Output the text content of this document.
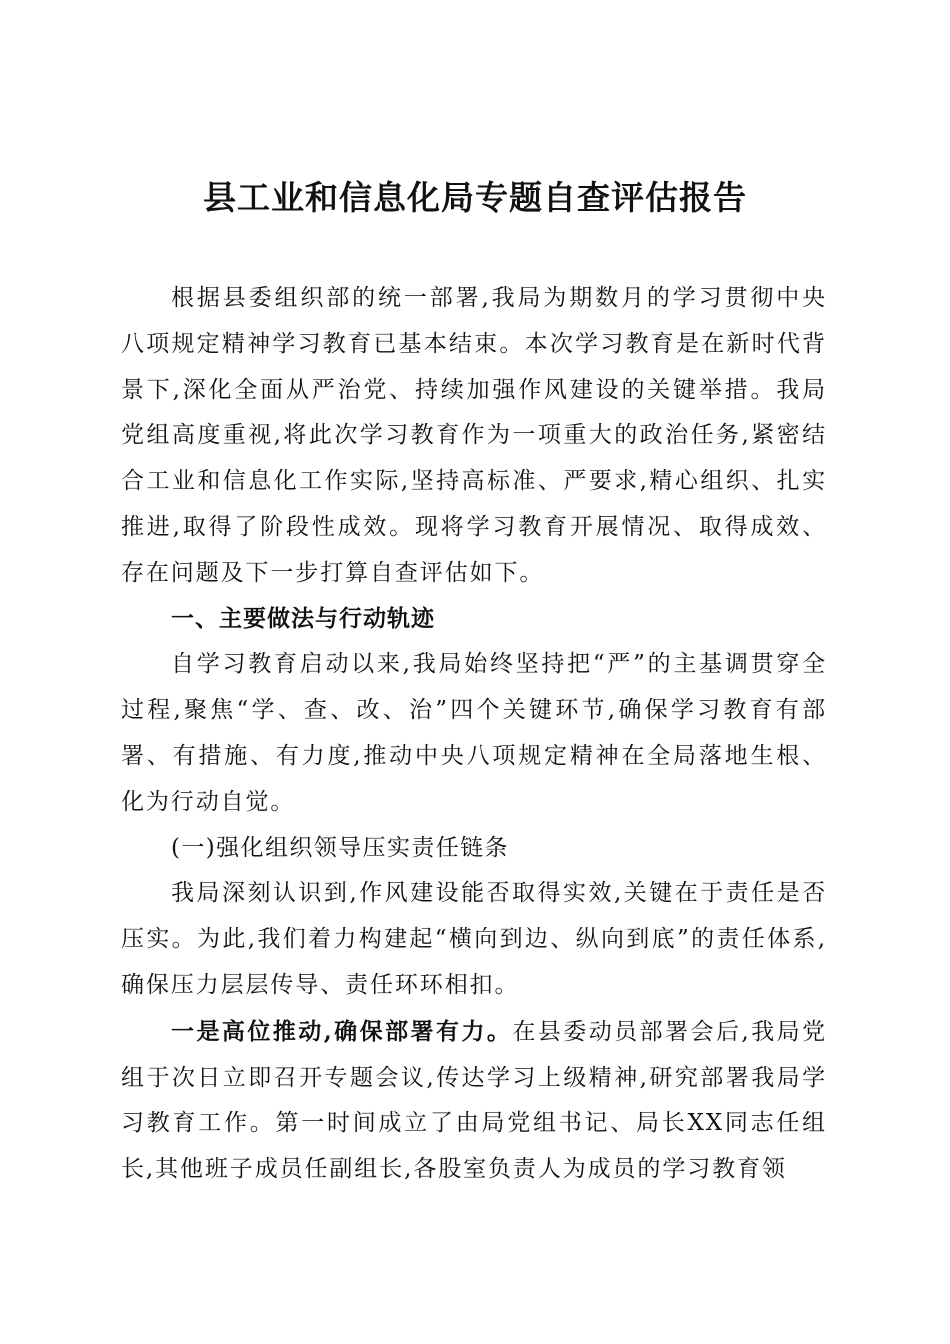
县工业和信息化局专题自查评估报告

根据县委组织部的统一部署,我局为期数月的学习贯彻中央八项规定精神学习教育已基本结束。本次学习教育是在新时代背景下,深化全面从严治党、持续加强作风建设的关键举措。我局党组高度重视,将此次学习教育作为一项重大的政治任务,紧密结合工业和信息化工作实际,坚持高标准、严要求,精心组织、扎实推进,取得了阶段性成效。现将学习教育开展情况、取得成效、存在问题及下一步打算自查评估如下。

一、主要做法与行动轨迹

自学习教育启动以来,我局始终坚持把“严”的主基调贯穿全过程,聚焦“学、查、改、治”四个关键环节,确保学习教育有部署、有措施、有力度,推动中央八项规定精神在全局落地生根、化为行动自觉。

(一)强化组织领导压实责任链条

我局深刻认识到,作风建设能否取得实效,关键在于责任是否压实。为此,我们着力构建起“横向到边、纵向到底”的责任体系,确保压力层层传导、责任环环相扣。

一是高位推动,确保部署有力。在县委动员部署会后,我局党组于次日立即召开专题会议,传达学习上级精神,研究部署我局学习教育工作。第一时间成立了由局党组书记、局长XX同志任组长,其他班子成员任副组长,各股室负责人为成员的学习教育领
